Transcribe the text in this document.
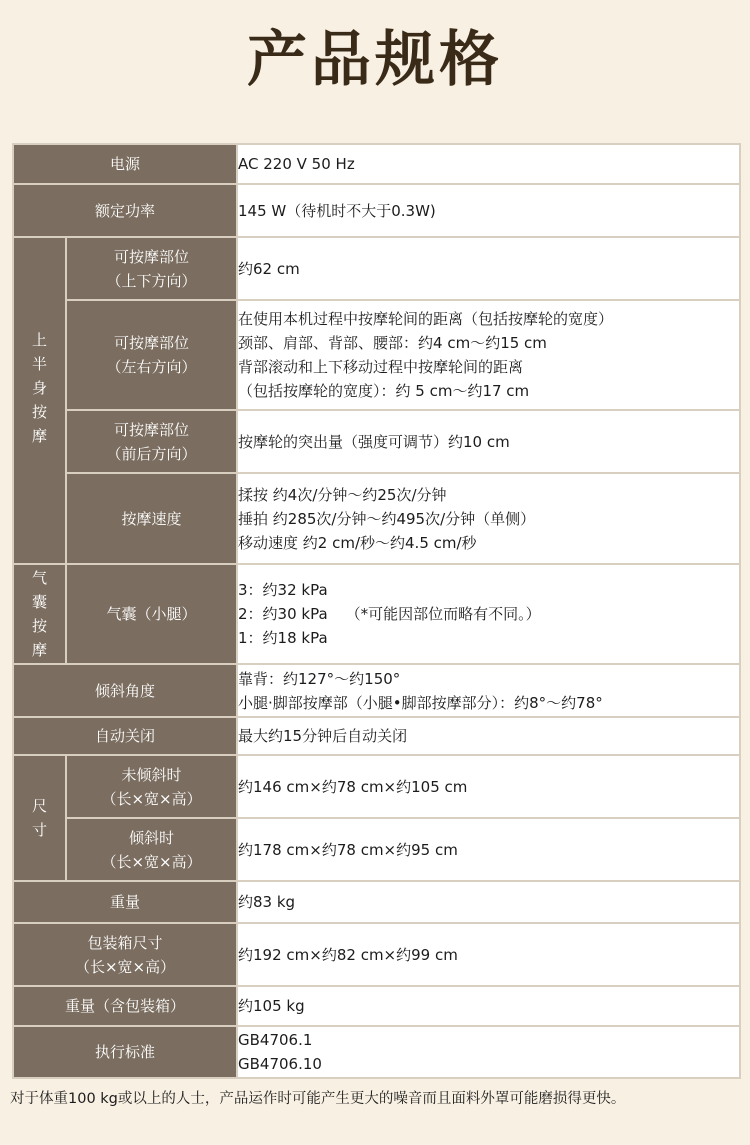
产品规格
电源		AC 220 V 50 Hz
额定功率		145 W（待机时不大于0.3W)

上
半
身
按
摩	可按摩部位
（上下方向）	约62 cm

	可按摩部位
（左右方向）	在使用本机过程中按摩轮间的距离（包括按摩轮的宽度）
颈部、肩部、背部、腰部：约4 cm～约15 cm
背部滚动和上下移动过程中按摩轮间的距离
（包括按摩轮的宽度）：约 5 cm～约17 cm

	可按摩部位
（前后方向）	按摩轮的突出量（强度可调节）约10 cm

	按摩速度	揉按 约4次/分钟～约25次/分钟
捶拍 约285次/分钟～约495次/分钟（单侧）
移动速度 约2 cm/秒～约4.5 cm/秒

气
囊
按
摩	气囊（小腿）	3：约32 kPa
2：约30 kPa （*可能因部位而略有不同。）
1：约18 kPa

倾斜角度		靠背：约127°～约150°
小腿·脚部按摩部（小腿•脚部按摩部分）：约8°～约78°

自动关闭		最大约15分钟后自动关闭

尺
寸	未倾斜时
（长×宽×高）	约146 cm×约78 cm×约105 cm

	倾斜时
（长×宽×高）	约178 cm×约78 cm×约95 cm
重量		约83 kg

包装箱尺寸
（长×宽×高）		约192 cm×约82 cm×约99 cm
重量（含包装箱）		约105 kg
执行标准		GB4706.1
GB4706.10
对于体重100 kg或以上的人士，产品运作时可能产生更大的噪音而且面料外罩可能磨损得更快。
